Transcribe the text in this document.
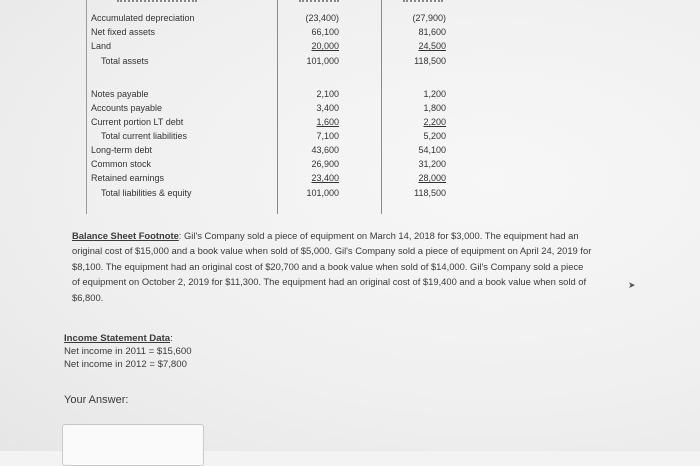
Accumulated depreciation	(23,400)	(27,900)
Net fixed assets	66,100	81,600
Land	20,000	24,500
Total assets	101,000	118,500
Notes payable	2,100	1,200
Accounts payable	3,400	1,800
Current portion LT debt	1,600	2,200
Total current liabilities	7,100	5,200
Long-term debt	43,600	54,100
Common stock	26,900	31,200
Retained earnings	23,400	28,000
Total liabilities & equity	101,000	118,500
Balance Sheet Footnote: Gil's Company sold a piece of equipment on March 14, 2018 for $3,000. The equipment had an original cost of $15,000 and a book value when sold of $5,000. Gil's Company sold a piece of equipment on April 24, 2019 for $8,100. The equipment had an original cost of $20,700 and a book value when sold of $14,000. Gil's Company sold a piece of equipment on October 2, 2019 for $11,300. The equipment had an original cost of $19,400 and a book value when sold of $6,800.
Income Statement Data:
Net income in 2011 = $15,600
Net income in 2012 = $7,800
Your Answer:
➤
